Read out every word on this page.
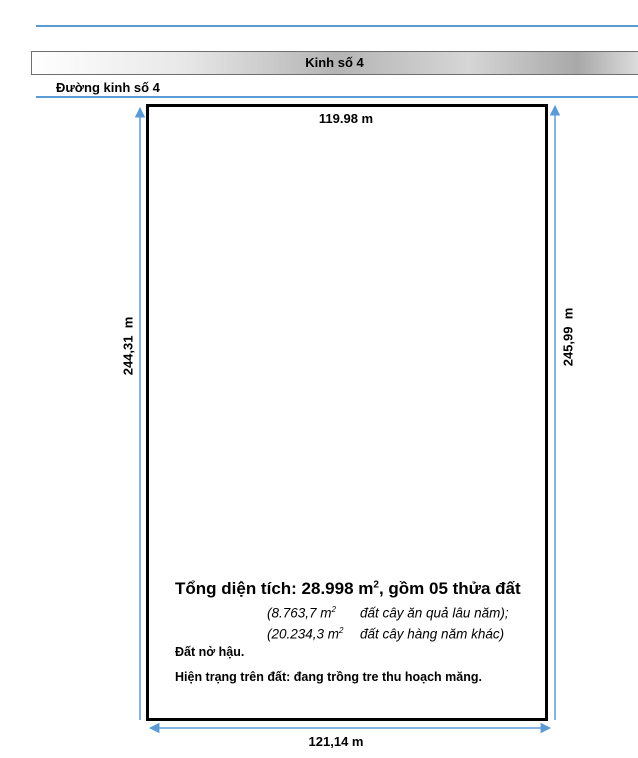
Kinh số 4
Đường kinh số 4
119.98 m
121,14 m
244,31  m	245,99  m
Tổng diện tích: 28.998 $m^2$, gồm 05 thửa đất
(8.763,7 $m^2$ đất cây ăn quả lâu năm);
(20.234,3 $m^2$ đất cây hàng năm khác)
Đất nở hậu.
Hiện trạng trên đất: đang trồng tre thu hoạch măng.
